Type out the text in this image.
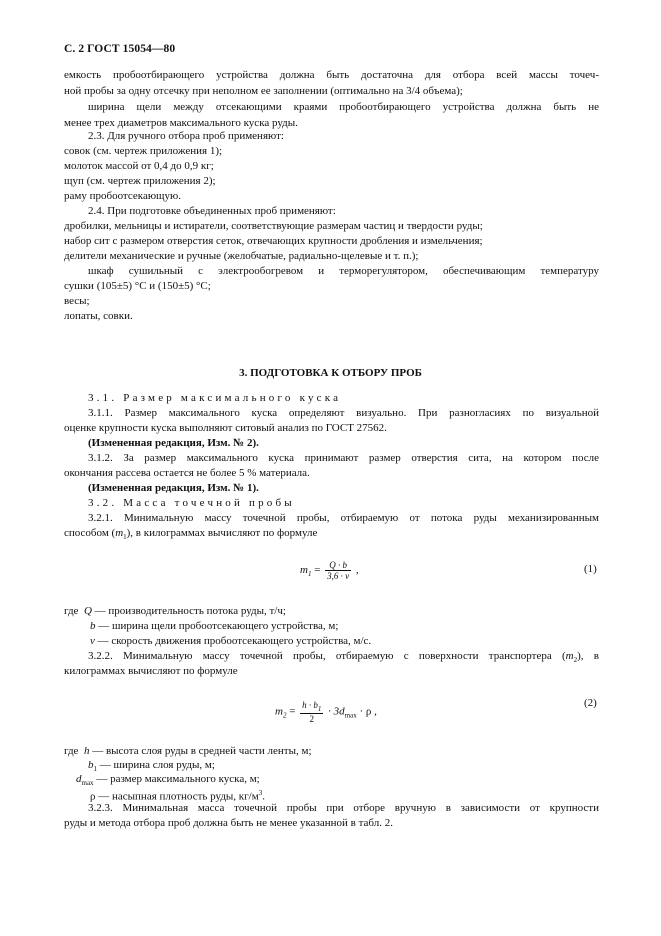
С. 2 ГОСТ 15054—80
емкость пробоотбирающего устройства должна быть достаточна для отбора всей массы точеч-
ной пробы за одну отсечку при неполном ее заполнении (оптимально на 3/4 объема);
ширина щели между отсекающими краями пробоотбирающего устройства должна быть не
менее трех диаметров максимального куска руды.
2.3. Для ручного отбора проб применяют:
совок (см. чертеж приложения 1);
молоток массой от 0,4 до 0,9 кг;
щуп (см. чертеж приложения 2);
раму пробоотсекающую.
2.4. При подготовке объединенных проб применяют:
дробилки, мельницы и истиратели, соответствующие размерам частиц и твердости руды;
набор сит с размером отверстия сеток, отвечающих крупности дробления и измельчения;
делители механические и ручные (желобчатые, радиально-щелевые и т. п.);
шкаф сушильный с электрообогревом и терморегулятором, обеспечивающим температуру
сушки (105±5) °С и (150±5) °С;
весы;
лопаты, совки.
3. ПОДГОТОВКА К ОТБОРУ ПРОБ
3.1. Размер максимального куска
3.1.1. Размер максимального куска определяют визуально. При разногласиях по визуальной
оценке крупности куска выполняют ситовый анализ по ГОСТ 27562.
(Измененная редакция, Изм. № 2).
3.1.2. За размер максимального куска принимают размер отверстия сита, на котором после
окончания рассева остается не более 5 % материала.
(Измененная редакция, Изм. № 1).
3.2. Масса точечной пробы
3.2.1. Минимальную массу точечной пробы, отбираемую от потока руды механизированным
способом $(m_1)$, в килограммах вычисляют по формуле
$m_1 = \frac{Q \cdot b}{3,6 \cdot v}$ ,	(1)
где Q — производительность потока руды, т/ч;
b — ширина щели пробоотсекающего устройства, м;
v — скорость движения пробоотсекающего устройства, м/с.
3.2.2. Минимальную массу точечной пробы, отбираемую с поверхности транспортера $(m_2)$, в
килограммах вычисляют по формуле
$m_2 = \frac{h \cdot b_1}{2} \cdot 3d_{max} \cdot \rho$ ,
(2)
где h — высота слоя руды в средней части ленты, м;
$b_1$ — ширина слоя руды, м;
$d_{max}$ — размер максимального куска, м;
ρ — насыпная плотность руды, $кг/м^3$.
3.2.3. Минимальная масса точечной пробы при отборе вручную в зависимости от крупности
руды и метода отбора проб должна быть не менее указанной в табл. 2.
